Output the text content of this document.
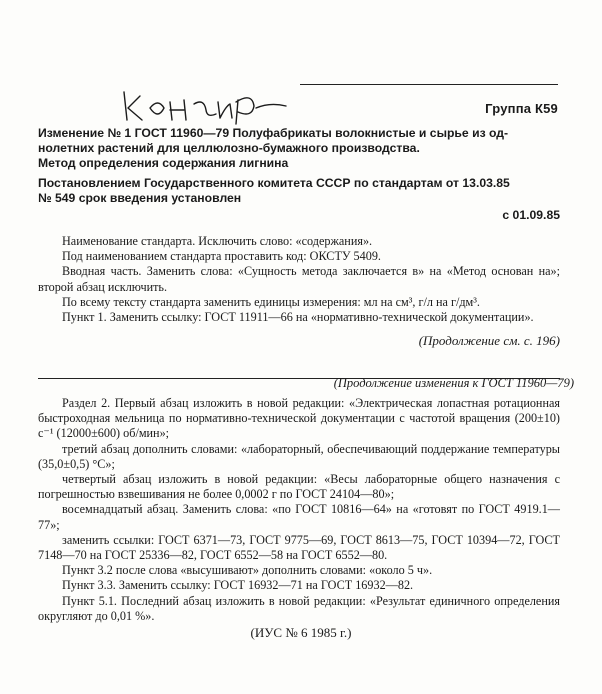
Группа К59
Изменение № 1 ГОСТ 11960—79 Полуфабрикаты волокнистые и сырье из од-
нолетних растений для целлюлозно-бумажного производства.
Метод определения содержания лигнина
Постановлением Государственного комитета СССР по стандартам от 13.03.85
№ 549 срок введения установлен
с 01.09.85

Наименование стандарта. Исключить слово: «содержания».

Под наименованием стандарта проставить код: ОКСТУ 5409.

Вводная часть. Заменить слова: «Сущность метода заключается в» на «Метод основан на»; второй абзац исключить.

По всему тексту стандарта заменить единицы измерения: мл на см³, г/л на г/дм³.

Пункт 1. Заменить ссылку: ГОСТ 11911—66 на «нормативно-технической документации».

(Продолжение см. с. 196)
(Продолжение изменения к ГОСТ 11960—79)

Раздел 2. Первый абзац изложить в новой редакции: «Электрическая лопастная ротационная быстроходная мельница по нормативно-технической документации с частотой вращения (200±10) с⁻¹ (12000±600) об/мин»;

третий абзац дополнить словами: «лабораторный, обеспечивающий поддержание температуры (35,0±0,5) °С»;

четвертый абзац изложить в новой редакции: «Весы лабораторные общего назначения с погрешностью взвешивания не более 0,0002 г по ГОСТ 24104—80»;

восемнадцатый абзац. Заменить слова: «по ГОСТ 10816—64» на «готовят по ГОСТ 4919.1—77»;

заменить ссылки: ГОСТ 6371—73, ГОСТ 9775—69, ГОСТ 8613—75, ГОСТ 10394—72, ГОСТ 7148—70 на ГОСТ 25336—82, ГОСТ 6552—58 на ГОСТ 6552—80.

Пункт 3.2 после слова «высушивают» дополнить словами: «около 5 ч».

Пункт 3.3. Заменить ссылку: ГОСТ 16932—71 на ГОСТ 16932—82.

Пункт 5.1. Последний абзац изложить в новой редакции: «Результат единичного определения округляют до 0,01 %».

(ИУС № 6 1985 г.)
